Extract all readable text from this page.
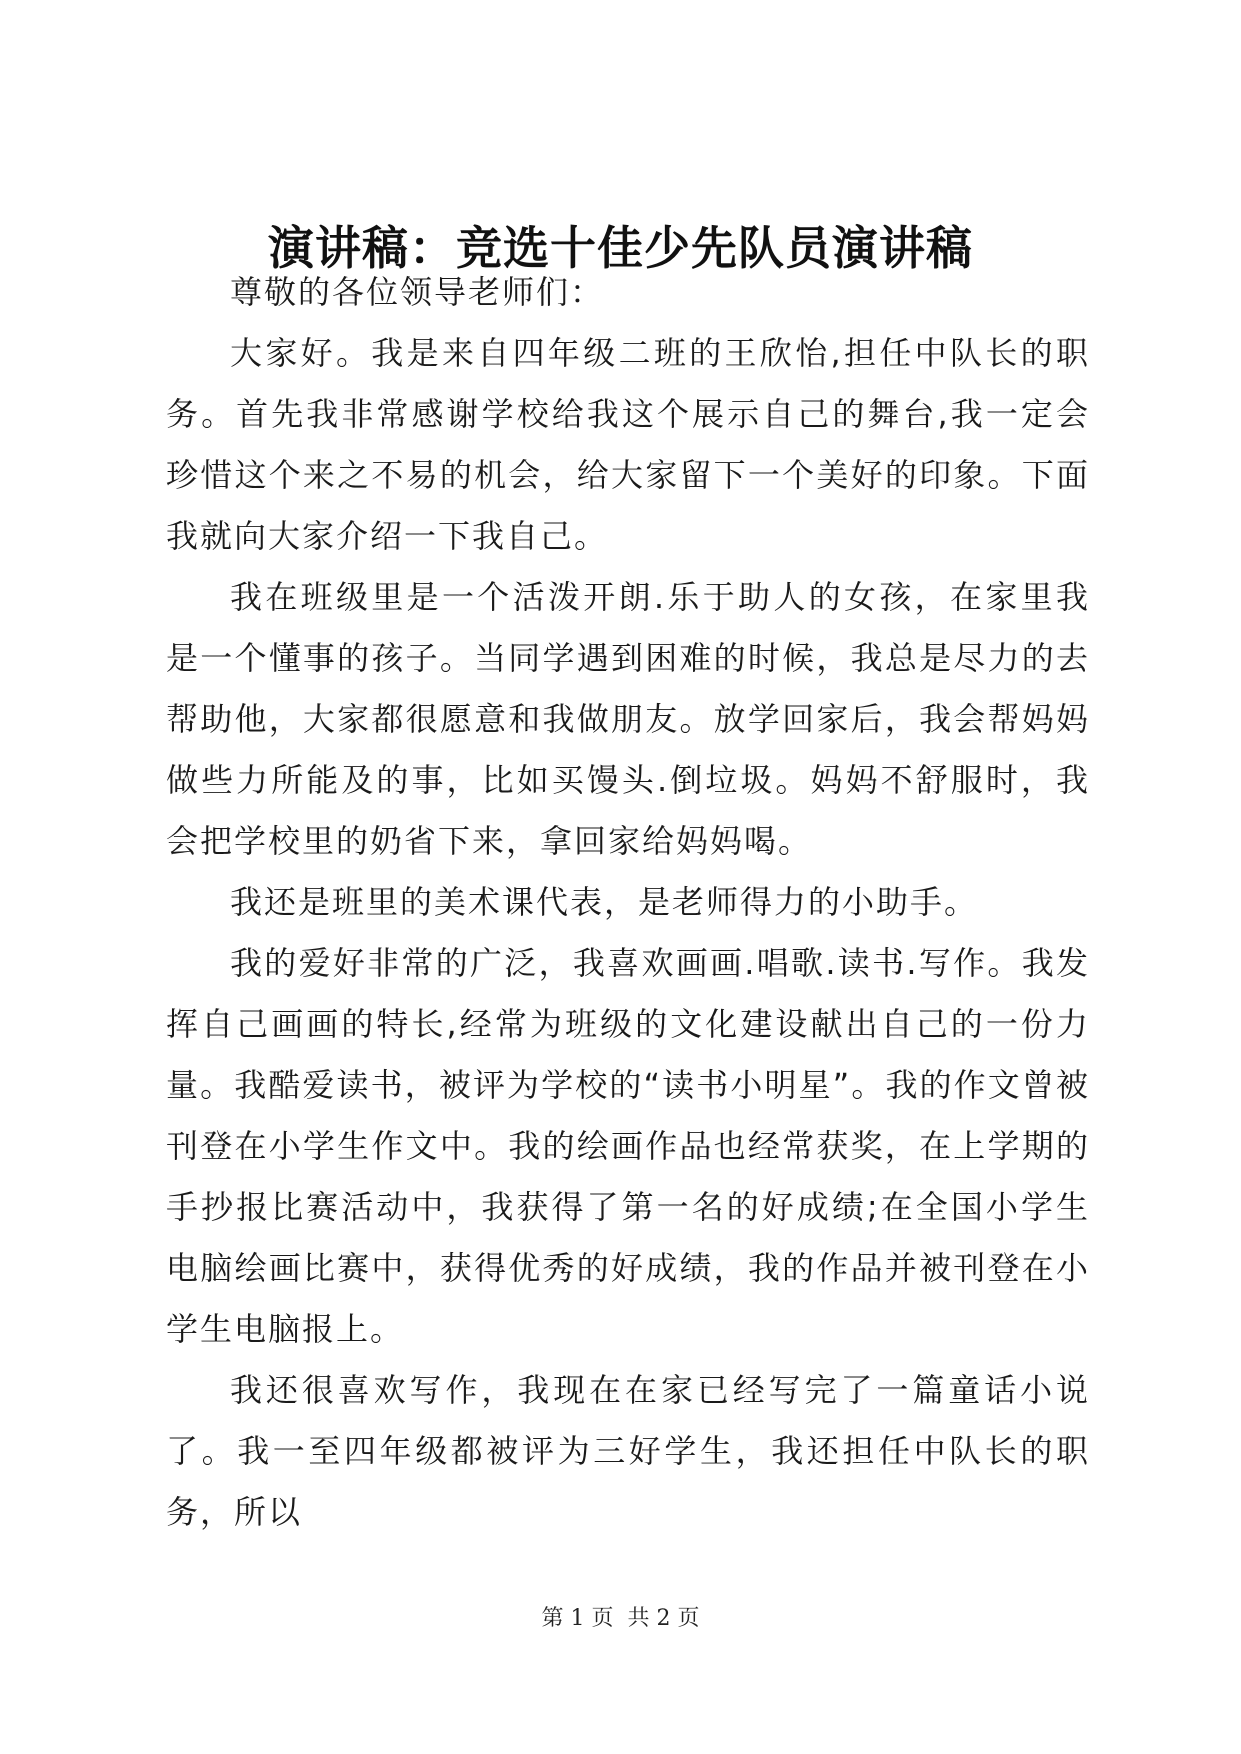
演讲稿：竞选十佳少先队员演讲稿

尊敬的各位领导老师们：

大家好。我是来自四年级二班的王欣怡,担任中队长的职务。首先我非常感谢学校给我这个展示自己的舞台,我一定会珍惜这个来之不易的机会，给大家留下一个美好的印象。下面我就向大家介绍一下我自己。

我在班级里是一个活泼开朗.乐于助人的女孩，在家里我是一个懂事的孩子。当同学遇到困难的时候，我总是尽力的去帮助他，大家都很愿意和我做朋友。放学回家后，我会帮妈妈做些力所能及的事，比如买馒头.倒垃圾。妈妈不舒服时，我会把学校里的奶省下来，拿回家给妈妈喝。

我还是班里的美术课代表，是老师得力的小助手。

我的爱好非常的广泛，我喜欢画画.唱歌.读书.写作。我发挥自己画画的特长,经常为班级的文化建设献出自己的一份力量。我酷爱读书，被评为学校的“读书小明星”。我的作文曾被刊登在小学生作文中。我的绘画作品也经常获奖，在上学期的手抄报比赛活动中，我获得了第一名的好成绩;在全国小学生电脑绘画比赛中，获得优秀的好成绩，我的作品并被刊登在小学生电脑报上。

我还很喜欢写作，我现在在家已经写完了一篇童话小说了。我一至四年级都被评为三好学生，我还担任中队长的职务，所以

第 1 页  共 2 页
